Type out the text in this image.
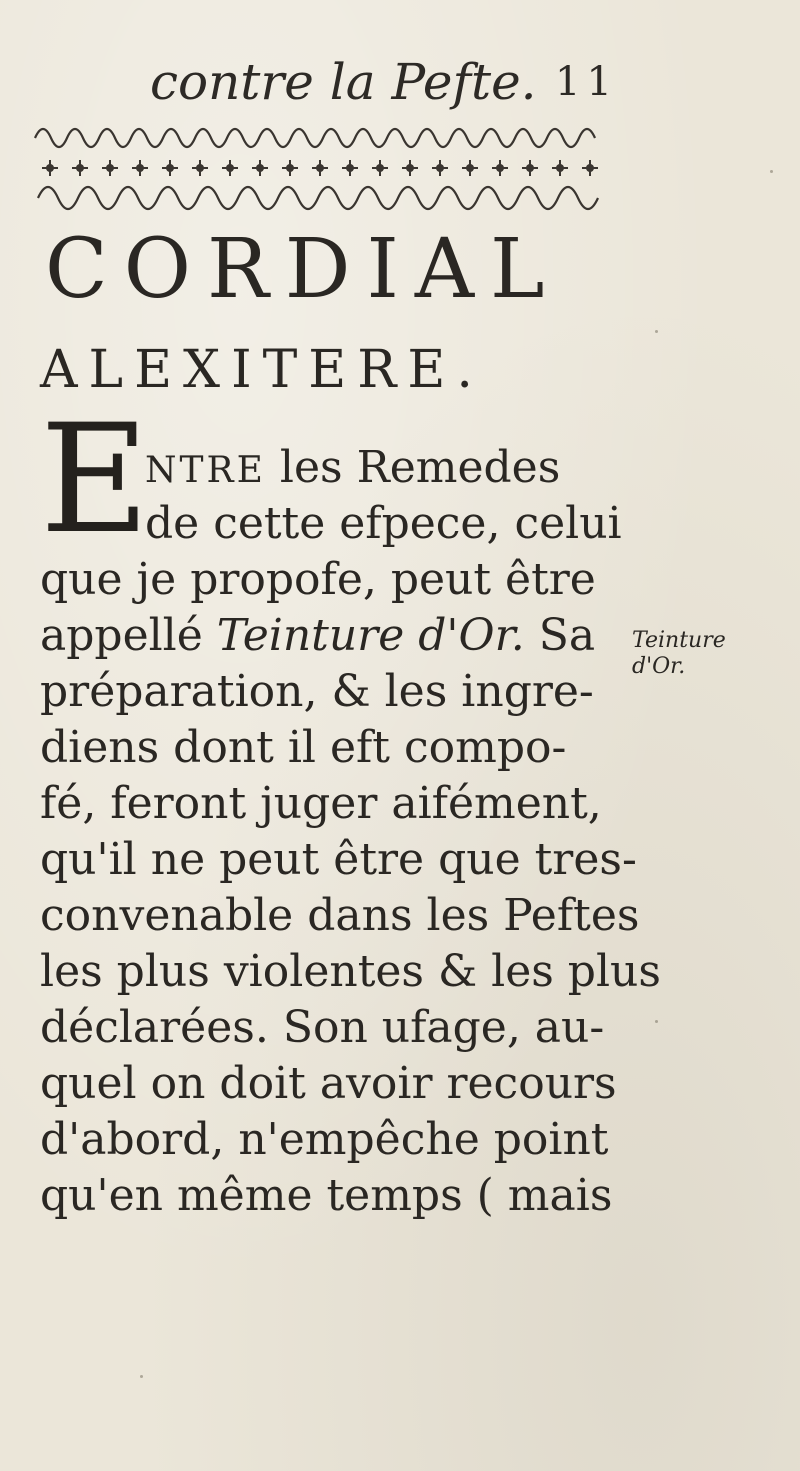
contre la Pefte. 11
CORDIAL
ALEXITERE.
E
NTRE les Remedes
de cette efpece, celui
que je propofe, peut être
appellé Teinture d'Or. Sa
préparation, & les ingre-
diens dont il eft compo-
fé, feront juger aifément,
qu'il ne peut être que tres-
convenable dans les Peftes
les plus violentes & les plus
déclarées. Son ufage, au-
quel on doit avoir recours
d'abord, n'empêche point
qu'en même temps ( mais
Teinture
d'Or.
